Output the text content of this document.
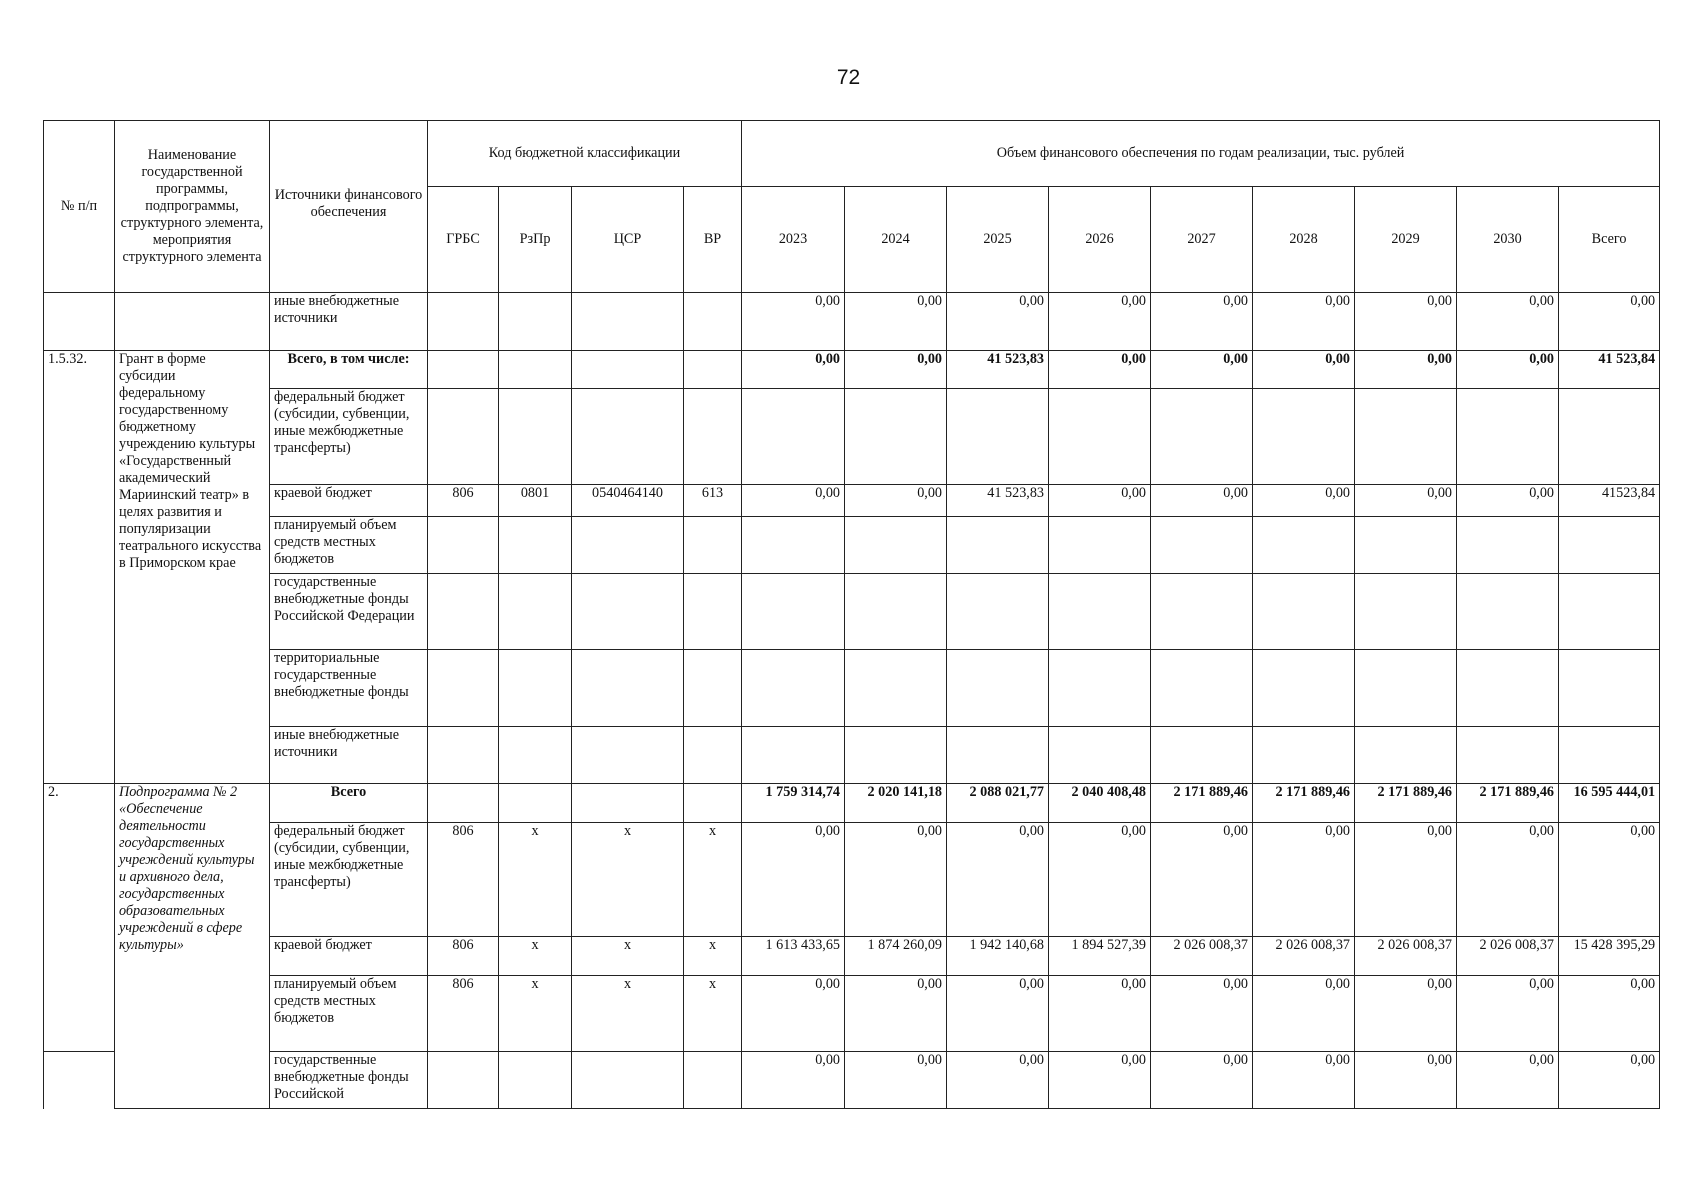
72
№ п/п	Наименование государственной программы, подпрограммы, структурного элемента, мероприятия структурного элемента	Источники финансового обеспечения	Код бюджетной классификации				Объем финансового обеспечения по годам реализации, тыс. рублей								
			ГРБС	РзПр	ЦСР	ВР	2023	2024	2025	2026	2027	2028	2029	2030	Всего
		иные внебюджетные источники					0,00	0,00	0,00	0,00	0,00	0,00	0,00	0,00	0,00
1.5.32.	Грант в форме субсидии федеральному государственному бюджетному учреждению культуры «Государственный академический Мариинский театр» в целях развития и популяризации театрального искусства в Приморском крае	Всего, в том числе:					0,00	0,00	41 523,83	0,00	0,00	0,00	0,00	0,00	41 523,84
		федеральный бюджет (субсидии, субвенции, иные межбюджетные трансферты)													
		краевой бюджет	806	0801	0540464140	613	0,00	0,00	41 523,83	0,00	0,00	0,00	0,00	0,00	41523,84
		планируемый объем средств местных бюджетов													
		государственные внебюджетные фонды Российской Федерации													
		территориальные государственные внебюджетные фонды													
		иные внебюджетные источники													
2.	Подпрограмма № 2 «Обеспечение деятельности государственных учреждений культуры и архивного дела, государственных образовательных учреждений в сфере культуры»	Всего					1 759 314,74	2 020 141,18	2 088 021,77	2 040 408,48	2 171 889,46	2 171 889,46	2 171 889,46	2 171 889,46	16 595 444,01
		федеральный бюджет (субсидии, субвенции, иные межбюджетные трансферты)	806	х	х	х	0,00	0,00	0,00	0,00	0,00	0,00	0,00	0,00	0,00
		краевой бюджет	806	х	х	х	1 613 433,65	1 874 260,09	1 942 140,68	1 894 527,39	2 026 008,37	2 026 008,37	2 026 008,37	2 026 008,37	15 428 395,29
		планируемый объем средств местных бюджетов	806	х	х	х	0,00	0,00	0,00	0,00	0,00	0,00	0,00	0,00	0,00
		государственные внебюджетные фонды Российской					0,00	0,00	0,00	0,00	0,00	0,00	0,00	0,00	0,00
